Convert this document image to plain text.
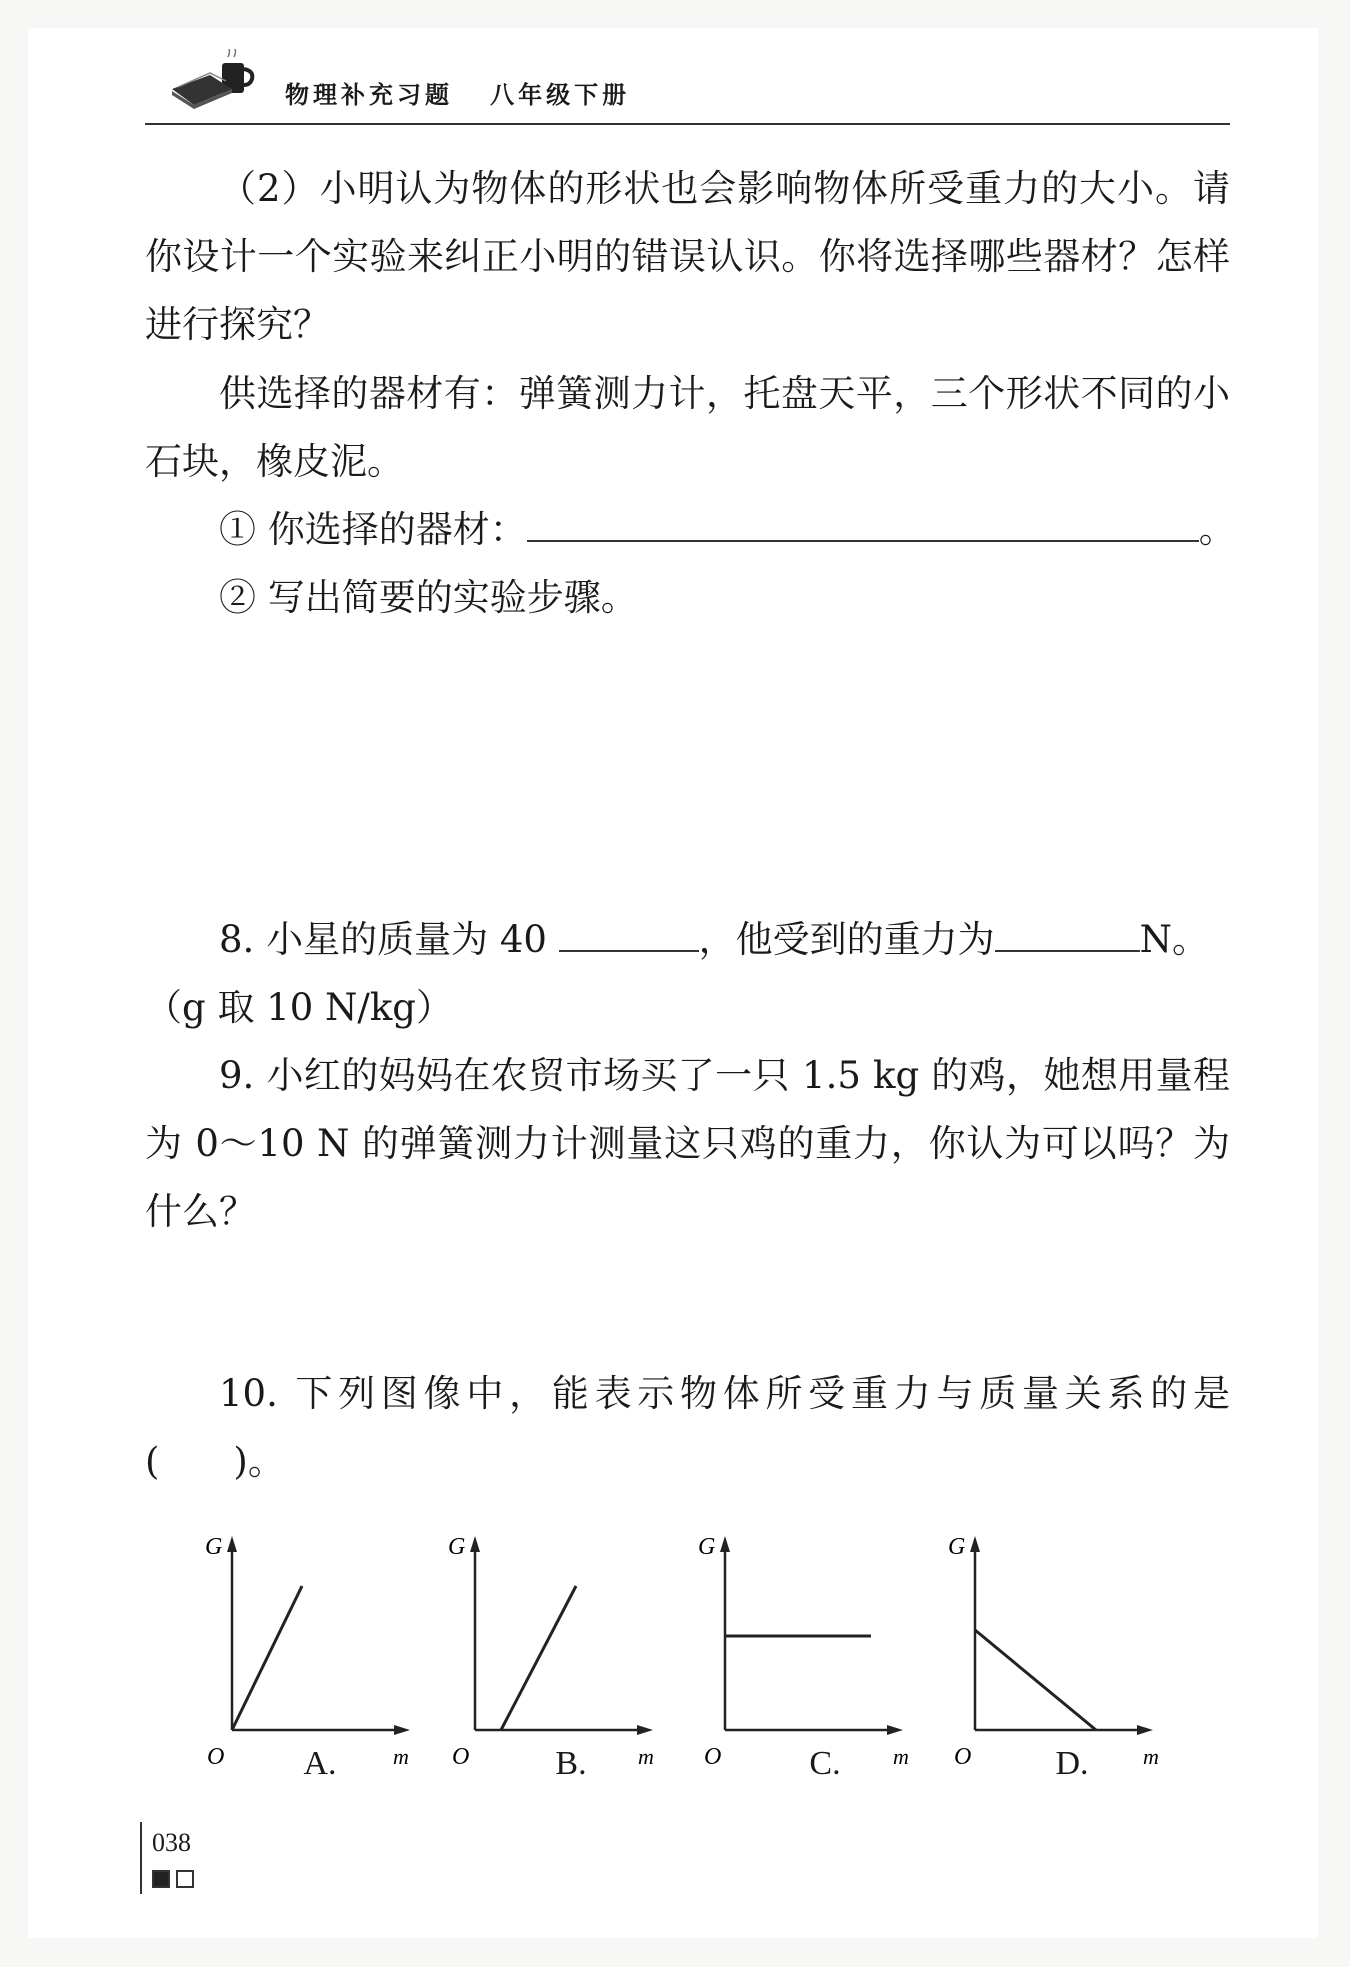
物理补充习题   八年级下册
（2）小明认为物体的形状也会影响物体所受重力的大小。请你设计一个实验来纠正小明的错误认识。你将选择哪些器材？怎样进行探究？
供选择的器材有：弹簧测力计，托盘天平，三个形状不同的小石块，橡皮泥。
① 你选择的器材：	。
② 写出简要的实验步骤。
8. 小星的质量为 40	，他受到的重力为	N。
（g 取 10 N/kg）
9. 小红的妈妈在农贸市场买了一只 1.5 kg 的鸡，她想用量程为 0～10 N 的弹簧测力计测量这只鸡的重力，你认为可以吗？为什么？
10. 下列图像中，能表示物体所受重力与质量关系的是(　　)。
G
O	m
G
O	m
G
O	m
G
O	m
A.	B.	C.	D.
038
